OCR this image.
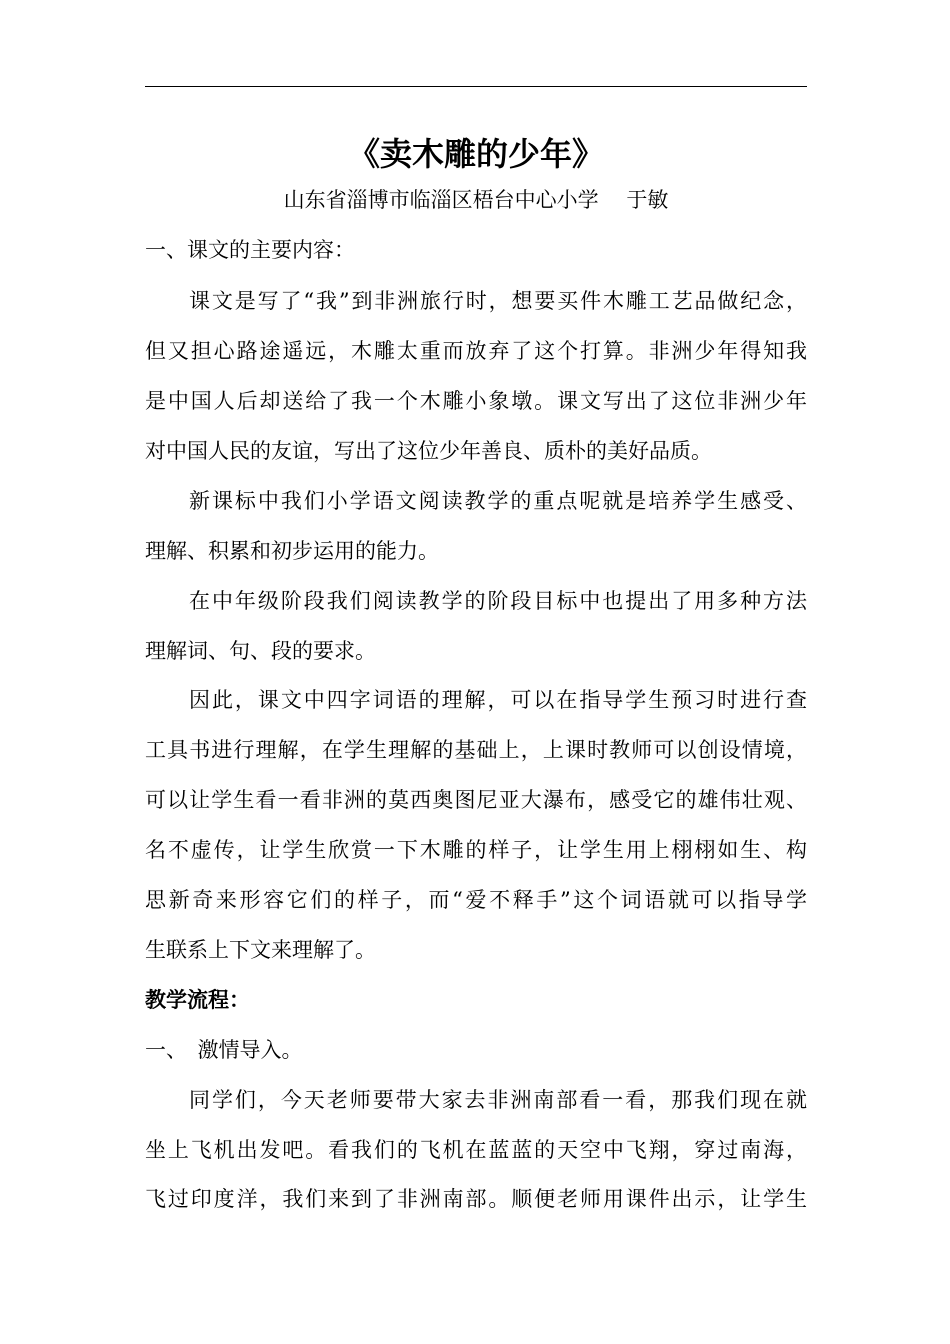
《卖木雕的少年》
山东省淄博市临淄区梧台中心小学　 于敏
一、课文的主要内容：
课文是写了“我”到非洲旅行时，想要买件木雕工艺品做纪念，
但又担心路途遥远，木雕太重而放弃了这个打算。非洲少年得知我
是中国人后却送给了我一个木雕小象墩。课文写出了这位非洲少年
对中国人民的友谊，写出了这位少年善良、质朴的美好品质。
新课标中我们小学语文阅读教学的重点呢就是培养学生感受、
理解、积累和初步运用的能力。
在中年级阶段我们阅读教学的阶段目标中也提出了用多种方法
理解词、句、段的要求。
因此，课文中四字词语的理解，可以在指导学生预习时进行查
工具书进行理解，在学生理解的基础上，上课时教师可以创设情境，
可以让学生看一看非洲的莫西奥图尼亚大瀑布，感受它的雄伟壮观、
名不虚传，让学生欣赏一下木雕的样子，让学生用上栩栩如生、构
思新奇来形容它们的样子，而“爱不释手”这个词语就可以指导学
生联系上下文来理解了。
教学流程：
一、　激情导入。
同学们，今天老师要带大家去非洲南部看一看，那我们现在就
坐上飞机出发吧。看我们的飞机在蓝蓝的天空中飞翔，穿过南海，
飞过印度洋，我们来到了非洲南部。顺便老师用课件出示，让学生
